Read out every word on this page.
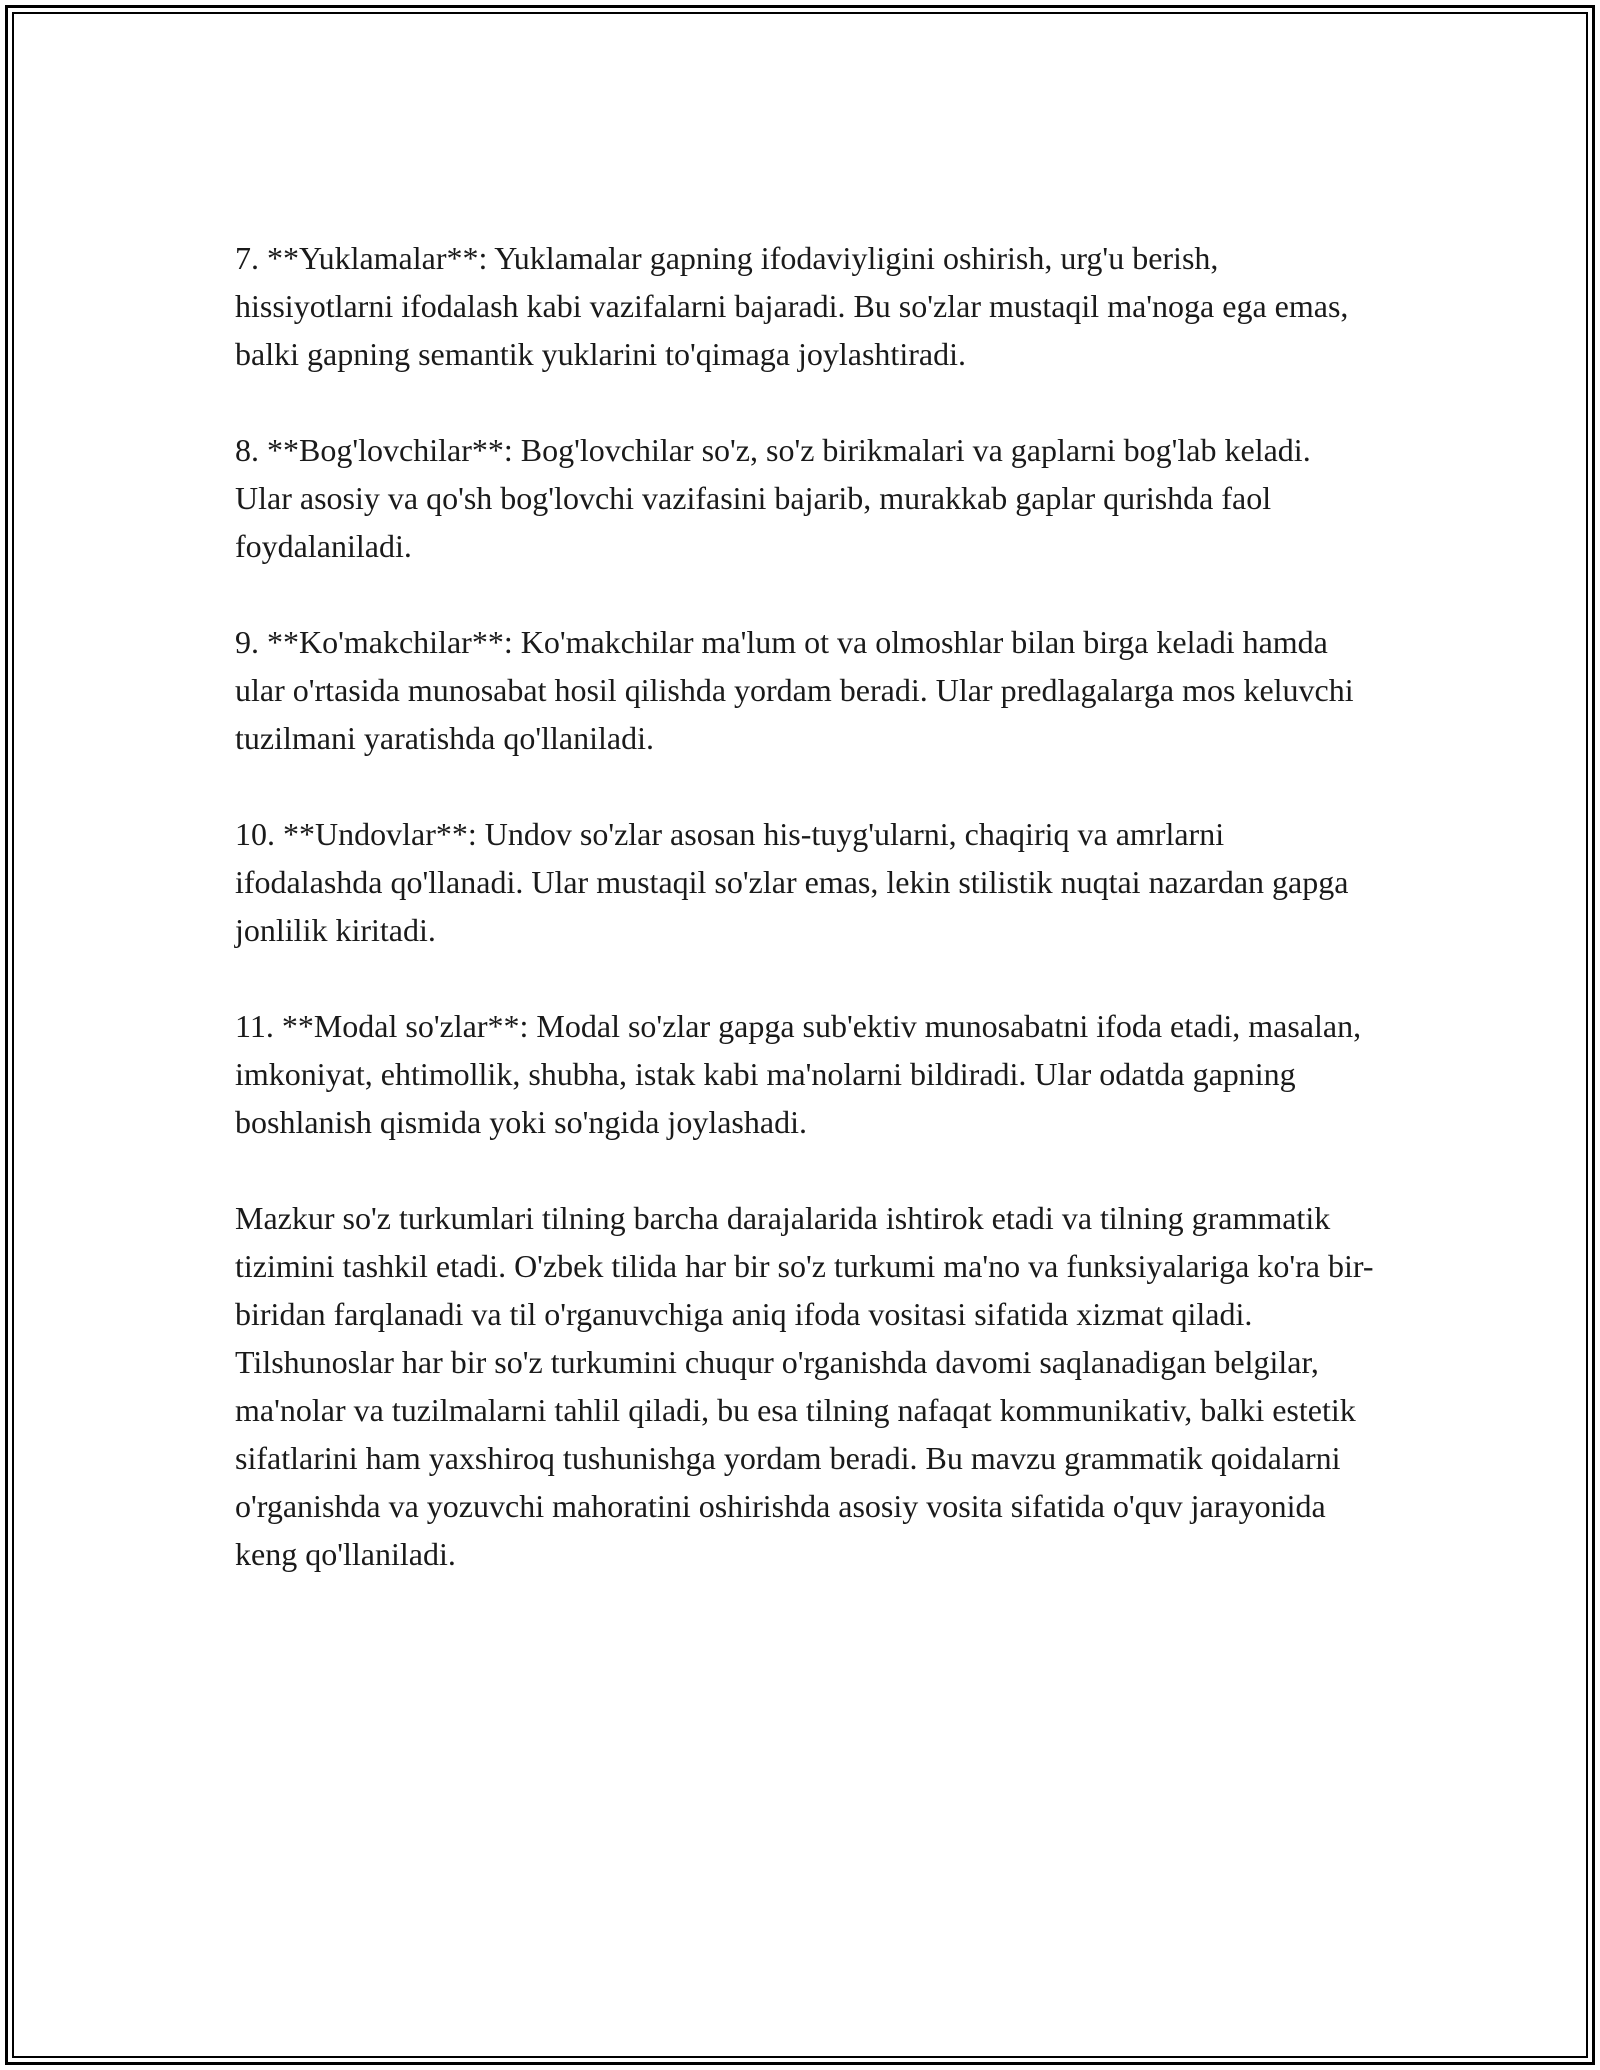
7. **Yuklamalar**: Yuklamalar gapning ifodaviyligini oshirish, urg'u berish, hissiyotlarni ifodalash kabi vazifalarni bajaradi. Bu so'zlar mustaqil ma'noga ega emas, balki gapning semantik yuklarini to'qimaga joylashtiradi.

8. **Bog'lovchilar**: Bog'lovchilar so'z, so'z birikmalari va gaplarni bog'lab keladi. Ular asosiy va qo'sh bog'lovchi vazifasini bajarib, murakkab gaplar qurishda faol foydalaniladi.

9. **Ko'makchilar**: Ko'makchilar ma'lum ot va olmoshlar bilan birga keladi hamda ular o'rtasida munosabat hosil qilishda yordam beradi. Ular predlagalarga mos keluvchi tuzilmani yaratishda qo'llaniladi.

10. **Undovlar**: Undov so'zlar asosan his-tuyg'ularni, chaqiriq va amrlarni ifodalashda qo'llanadi. Ular mustaqil so'zlar emas, lekin stilistik nuqtai nazardan gapga jonlilik kiritadi.

11. **Modal so'zlar**: Modal so'zlar gapga sub'ektiv munosabatni ifoda etadi, masalan, imkoniyat, ehtimollik, shubha, istak kabi ma'nolarni bildiradi. Ular odatda gapning boshlanish qismida yoki so'ngida joylashadi.

Mazkur so'z turkumlari tilning barcha darajalarida ishtirok etadi va tilning grammatik tizimini tashkil etadi. O'zbek tilida har bir so'z turkumi ma'no va funksiyalariga ko'ra bir-biridan farqlanadi va til o'rganuvchiga aniq ifoda vositasi sifatida xizmat qiladi. Tilshunoslar har bir so'z turkumini chuqur o'rganishda davomi saqlanadigan belgilar, ma'nolar va tuzilmalarni tahlil qiladi, bu esa tilning nafaqat kommunikativ, balki estetik sifatlarini ham yaxshiroq tushunishga yordam beradi. Bu mavzu grammatik qoidalarni o'rganishda va yozuvchi mahoratini oshirishda asosiy vosita sifatida o'quv jarayonida keng qo'llaniladi.
